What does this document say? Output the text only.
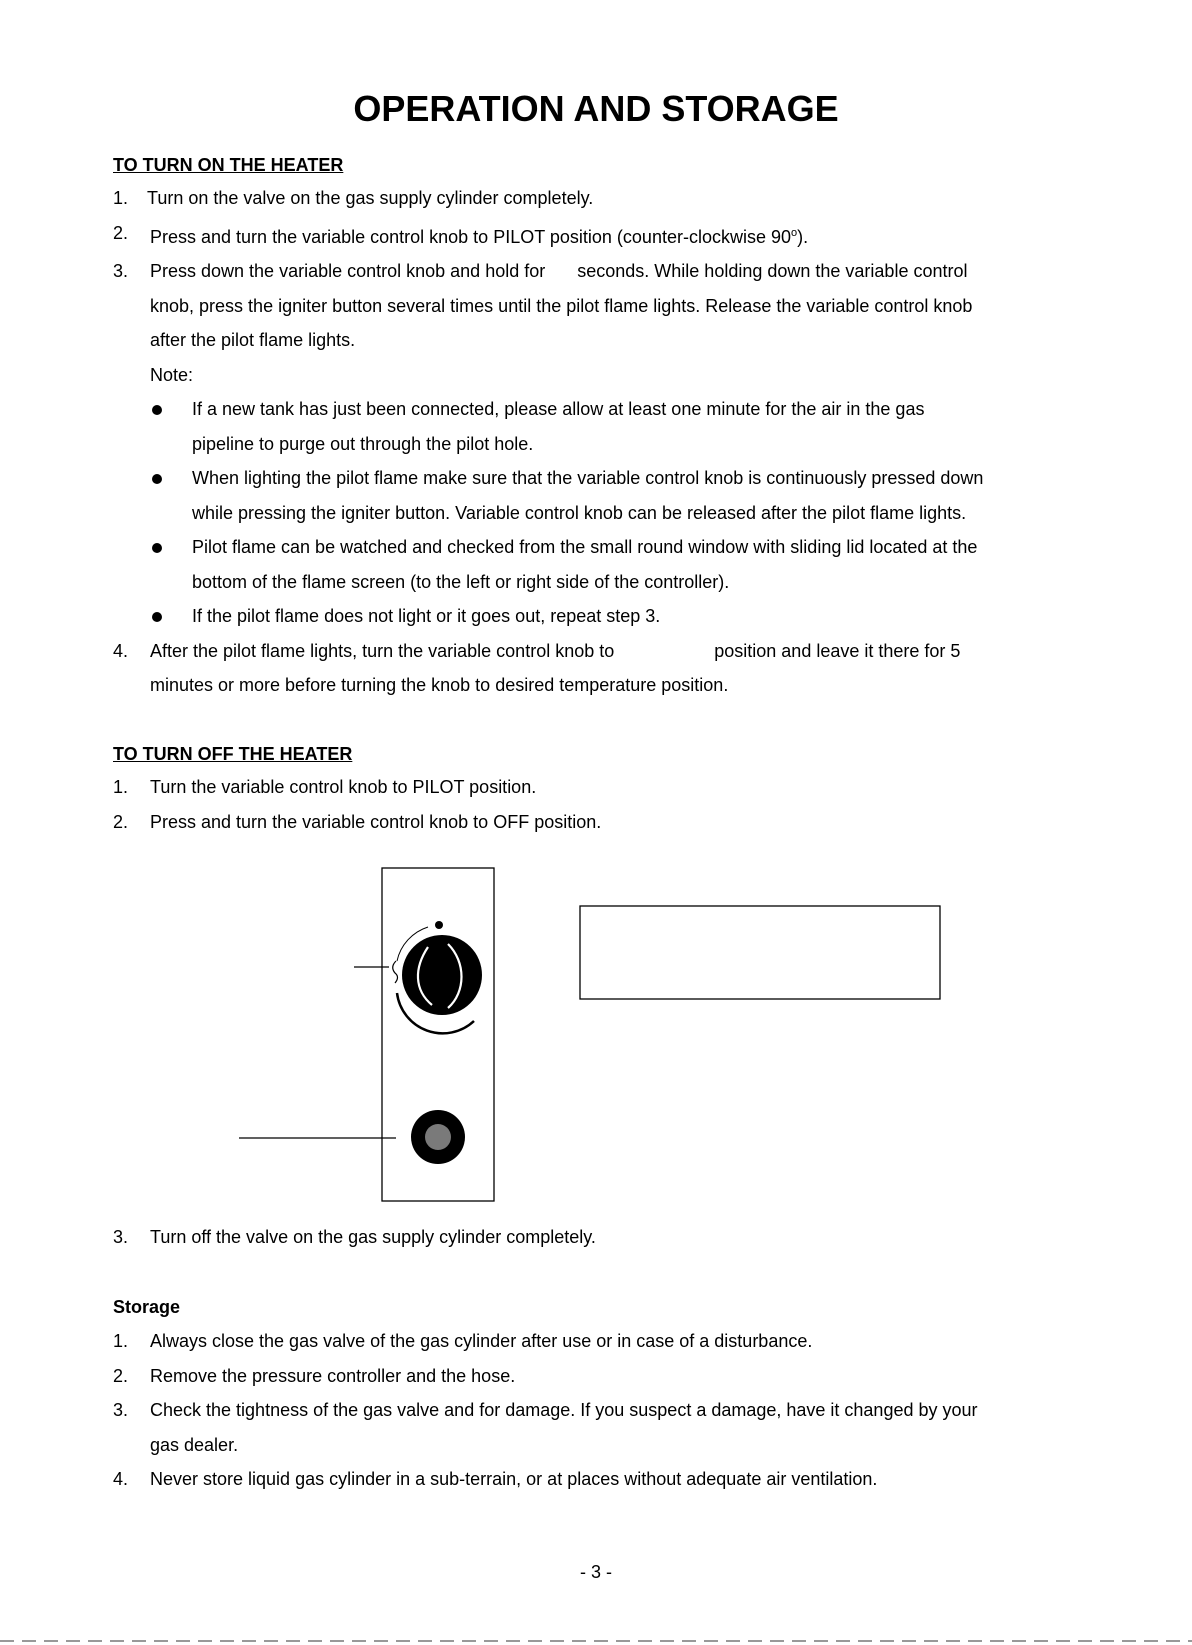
OPERATION AND STORAGE

TO TURN ON THE HEATER

1.	Turn on the valve on the gas supply cylinder completely.

2.	Press and turn the variable control knob to PILOT position (counter-clockwise 90$^o$).

3.	Press down the variable control knob and hold for seconds. While holding down the variable control

knob, press the igniter button several times until the pilot flame lights. Release the variable control knob

after the pilot flame lights.

Note:

If a new tank has just been connected, please allow at least one minute for the air in the gas

pipeline to purge out through the pilot hole.

When lighting the pilot flame make sure that the variable control knob is continuously pressed down

while pressing the igniter button. Variable control knob can be released after the pilot flame lights.

Pilot flame can be watched and checked from the small round window with sliding lid located at the

bottom of the flame screen (to the left or right side of the controller).

If the pilot flame does not light or it goes out, repeat step 3.

4.	After the pilot flame lights, turn the variable control knob to	position and leave it there for 5

minutes or more before turning the knob to desired temperature position.

TO TURN OFF THE HEATER

1.	Turn the variable control knob to PILOT position.

2.	Press and turn the variable control knob to OFF position.

3.	Turn off the valve on the gas supply cylinder completely.

Storage

1.	Always close the gas valve of the gas cylinder after use or in case of a disturbance.

2.	Remove the pressure controller and the hose.

3.	Check the tightness of the gas valve and for damage. If you suspect a damage, have it changed by your

gas dealer.

4.	Never store liquid gas cylinder in a sub-terrain, or at places without adequate air ventilation.

- 3 -
